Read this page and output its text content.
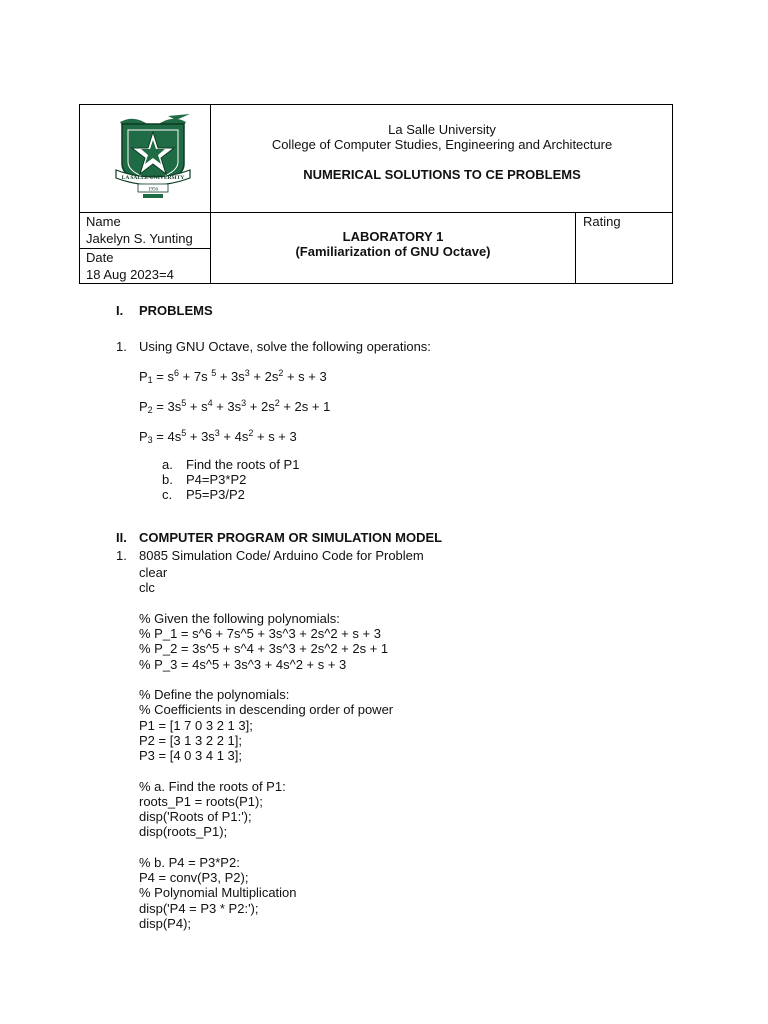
LA SALLE UNIVERSITY
1956
La Salle University
College of Computer Studies, Engineering and Architecture
NUMERICAL SOLUTIONS TO CE PROBLEMS
Name
Jakelyn S. Yunting
Date
18 Aug 2023=4
LABORATORY 1
(Familiarization of GNU Octave)
Rating
I. PROBLEMS
1. Using GNU Octave, solve the following operations:
$P_1 = s^6 + 7s$ $^5 + 3s^3 + 2s^2 + s + 3$
$P_2 = 3s^5 + s^4 + 3s^3 + 2s^2 + 2s + 1$
$P_3 = 4s^5 + 3s^3 + 4s^2 + s + 3$
a. Find the roots of P1
b. P4=P3*P2
c. P5=P3/P2
II. COMPUTER PROGRAM OR SIMULATION MODEL
1. 8085 Simulation Code/ Arduino Code for Problem
clear
clc

% Given the following polynomials:
% P_1 = s^6 + 7s^5 + 3s^3 + 2s^2 + s + 3
% P_2 = 3s^5 + s^4 + 3s^3 + 2s^2 + 2s + 1
% P_3 = 4s^5 + 3s^3 + 4s^2 + s + 3

% Define the polynomials:
% Coefficients in descending order of power
P1 = [1 7 0 3 2 1 3];
P2 = [3 1 3 2 2 1];
P3 = [4 0 3 4 1 3];

% a. Find the roots of P1:
roots_P1 = roots(P1);
disp('Roots of P1:');
disp(roots_P1);

% b. P4 = P3*P2:
P4 = conv(P3, P2);
% Polynomial Multiplication
disp('P4 = P3 * P2:');
disp(P4);
